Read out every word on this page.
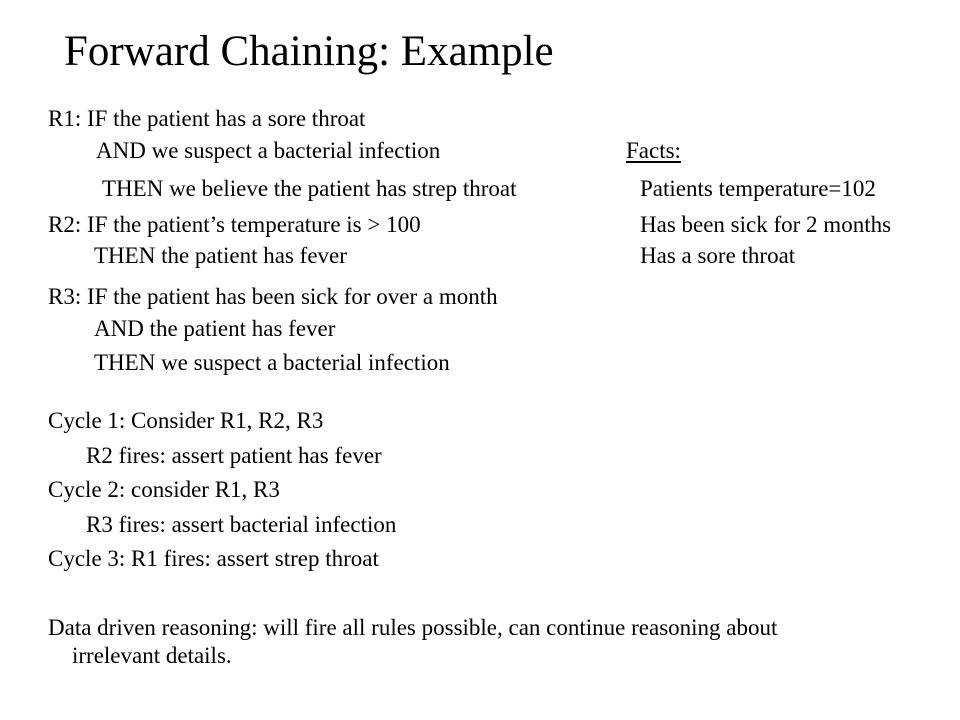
Forward Chaining: Example
R1: IF the patient has a sore throat
AND we suspect a bacterial infection
THEN we believe the patient has strep throat
R2: IF the patient’s temperature is > 100
THEN the patient has fever
R3: IF the patient has been sick for over a month
AND the patient has fever
THEN we suspect a bacterial infection
Facts:
Patients temperature=102
Has been sick for 2 months
Has a sore throat
Cycle 1: Consider R1, R2, R3
R2 fires: assert patient has fever
Cycle 2: consider R1, R3
R3 fires: assert bacterial infection
Cycle 3: R1 fires: assert strep throat
Data driven reasoning: will fire all rules possible, can continue reasoning about
irrelevant details.
